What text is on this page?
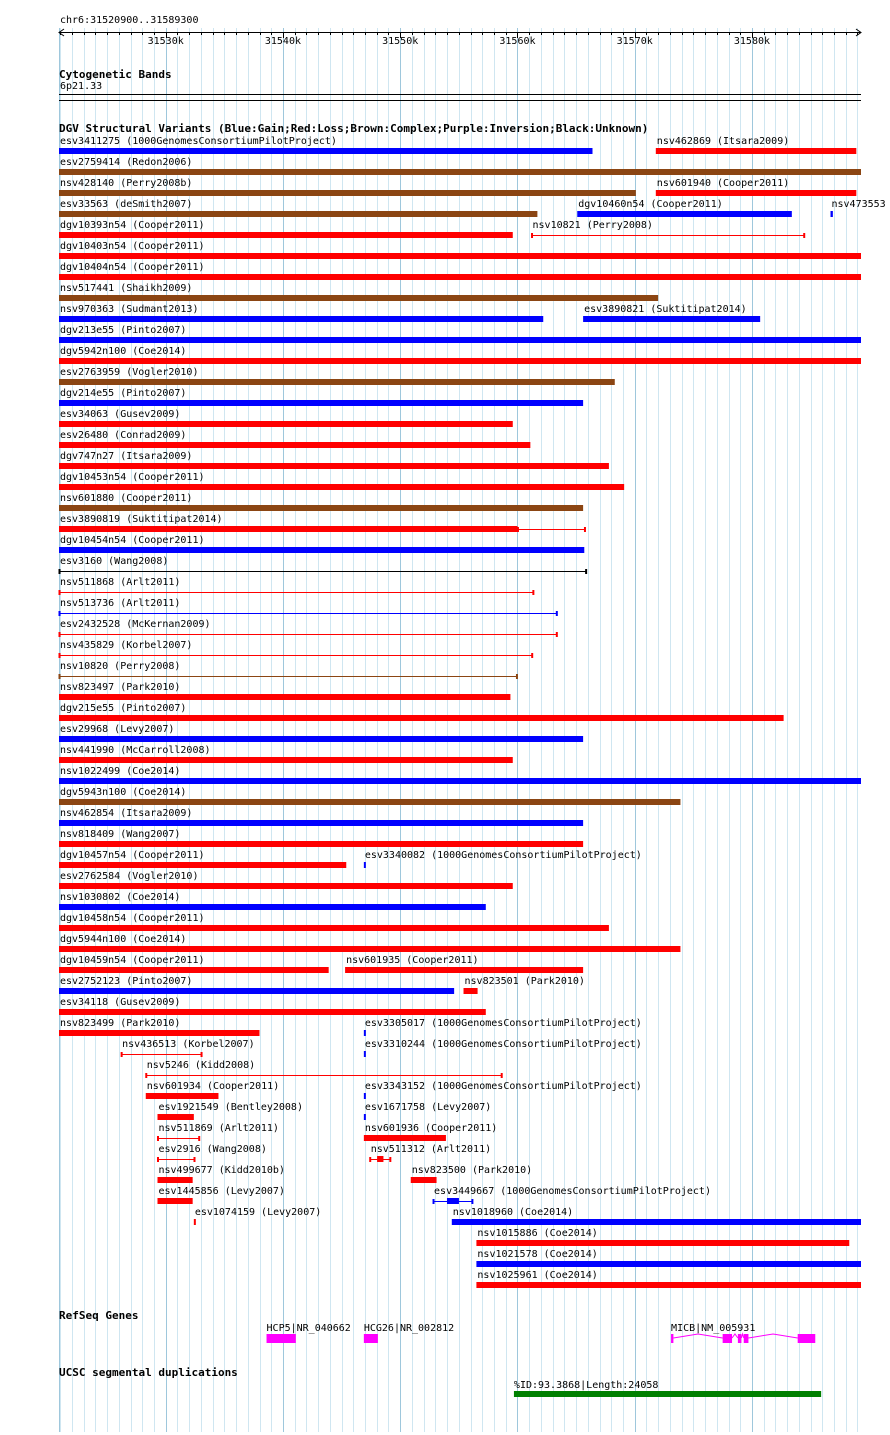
31530k	31540k	31550k	31560k	31570k	31580k
esv3411275 (1000GenomesConsortiumPilotProject)	nsv462869 (Itsara2009)
esv2759414 (Redon2006)
nsv428140 (Perry2008b)	nsv601940 (Cooper2011)
esv33563 (deSmith2007)	dgv10460n54 (Cooper2011)	nsv473553
dgv10393n54 (Cooper2011)	nsv10821 (Perry2008)
dgv10403n54 (Cooper2011)
dgv10404n54 (Cooper2011)
nsv517441 (Shaikh2009)
nsv970363 (Sudmant2013)	esv3890821 (Suktitipat2014)
dgv213e55 (Pinto2007)
dgv5942n100 (Coe2014)
esv2763959 (Vogler2010)
dgv214e55 (Pinto2007)
esv34063 (Gusev2009)
esv26480 (Conrad2009)
dgv747n27 (Itsara2009)
dgv10453n54 (Cooper2011)
nsv601880 (Cooper2011)
esv3890819 (Suktitipat2014)
dgv10454n54 (Cooper2011)
esv3160 (Wang2008)
nsv511868 (Arlt2011)
nsv513736 (Arlt2011)
esv2432528 (McKernan2009)
nsv435829 (Korbel2007)
nsv10820 (Perry2008)
nsv823497 (Park2010)
dgv215e55 (Pinto2007)
esv29968 (Levy2007)
nsv441990 (McCarroll2008)
nsv1022499 (Coe2014)
dgv5943n100 (Coe2014)
nsv462854 (Itsara2009)
nsv818409 (Wang2007)
dgv10457n54 (Cooper2011)	esv3340082 (1000GenomesConsortiumPilotProject)
esv2762584 (Vogler2010)
nsv1030802 (Coe2014)
dgv10458n54 (Cooper2011)
dgv5944n100 (Coe2014)
dgv10459n54 (Cooper2011)	nsv601935 (Cooper2011)
esv2752123 (Pinto2007)	nsv823501 (Park2010)
esv34118 (Gusev2009)
nsv823499 (Park2010)	esv3305017 (1000GenomesConsortiumPilotProject)
nsv436513 (Korbel2007)	esv3310244 (1000GenomesConsortiumPilotProject)
nsv5246 (Kidd2008)
nsv601934 (Cooper2011)	esv3343152 (1000GenomesConsortiumPilotProject)
esv1921549 (Bentley2008)	esv1671758 (Levy2007)
nsv511869 (Arlt2011)	nsv601936 (Cooper2011)
esv2916 (Wang2008)	nsv511312 (Arlt2011)
nsv499677 (Kidd2010b)	nsv823500 (Park2010)
esv1445856 (Levy2007)	esv3449667 (1000GenomesConsortiumPilotProject)
esv1074159 (Levy2007)	nsv1018960 (Coe2014)
nsv1015886 (Coe2014)
nsv1021578 (Coe2014)
nsv1025961 (Coe2014)
HCP5|NR_040662 HCG26|NR_002812	MICB|NM_005931
%ID:93.3868|Length:24058
chr6:31520900..31589300
Cytogenetic Bands
6p21.33
DGV Structural Variants (Blue:Gain;Red:Loss;Brown:Complex;Purple:Inversion;Black:Unknown)
RefSeq Genes
UCSC segmental duplications
